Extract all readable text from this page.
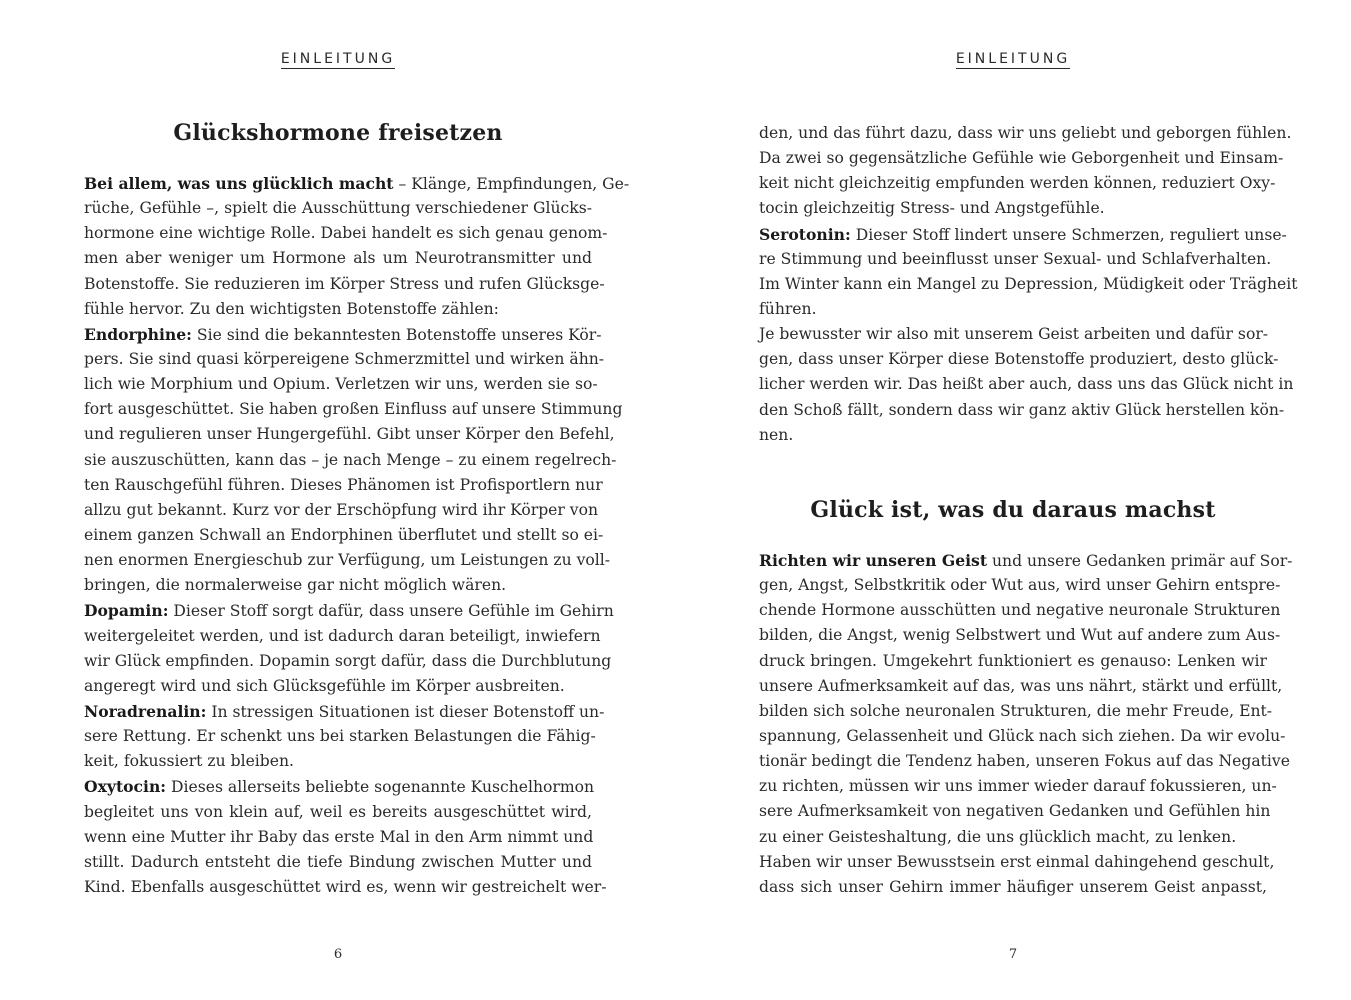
EINLEITUNG
Glückshormone freisetzen
Bei allem, was uns glücklich macht – Klänge, Empfindungen, Ge-
rüche, Gefühle –, spielt die Ausschüttung verschiedener Glücks-
hormone eine wichtige Rolle. Dabei handelt es sich genau genom-
men aber weniger um Hormone als um Neurotransmitter und
Botenstoffe. Sie reduzieren im Körper Stress und rufen Glücksge-
fühle hervor. Zu den wichtigsten Botenstoffe zählen:
Endorphine: Sie sind die bekanntesten Botenstoffe unseres Kör-
pers. Sie sind quasi körpereigene Schmerzmittel und wirken ähn-
lich wie Morphium und Opium. Verletzen wir uns, werden sie so-
fort ausgeschüttet. Sie haben großen Einfluss auf unsere Stimmung
und regulieren unser Hungergefühl. Gibt unser Körper den Befehl,
sie auszuschütten, kann das – je nach Menge – zu einem regelrech-
ten Rauschgefühl führen. Dieses Phänomen ist Profisportlern nur
allzu gut bekannt. Kurz vor der Erschöpfung wird ihr Körper von
einem ganzen Schwall an Endorphinen überflutet und stellt so ei-
nen enormen Energieschub zur Verfügung, um Leistungen zu voll-
bringen, die normalerweise gar nicht möglich wären.
Dopamin: Dieser Stoff sorgt dafür, dass unsere Gefühle im Gehirn
weitergeleitet werden, und ist dadurch daran beteiligt, inwiefern
wir Glück empfinden. Dopamin sorgt dafür, dass die Durchblutung
angeregt wird und sich Glücksgefühle im Körper ausbreiten.
Noradrenalin: In stressigen Situationen ist dieser Botenstoff un-
sere Rettung. Er schenkt uns bei starken Belastungen die Fähig-
keit, fokussiert zu bleiben.
Oxytocin: Dieses allerseits beliebte sogenannte Kuschelhormon
begleitet uns von klein auf, weil es bereits ausgeschüttet wird,
wenn eine Mutter ihr Baby das erste Mal in den Arm nimmt und
stillt. Dadurch entsteht die tiefe Bindung zwischen Mutter und
Kind. Ebenfalls ausgeschüttet wird es, wenn wir gestreichelt wer-
6
EINLEITUNG
den, und das führt dazu, dass wir uns geliebt und geborgen fühlen.
Da zwei so gegensätzliche Gefühle wie Geborgenheit und Einsam-
keit nicht gleichzeitig empfunden werden können, reduziert Oxy-
tocin gleichzeitig Stress- und Angstgefühle.
Serotonin: Dieser Stoff lindert unsere Schmerzen, reguliert unse-
re Stimmung und beeinflusst unser Sexual- und Schlafverhalten.
Im Winter kann ein Mangel zu Depression, Müdigkeit oder Trägheit
führen.
Je bewusster wir also mit unserem Geist arbeiten und dafür sor-
gen, dass unser Körper diese Botenstoffe produziert, desto glück-
licher werden wir. Das heißt aber auch, dass uns das Glück nicht in
den Schoß fällt, sondern dass wir ganz aktiv Glück herstellen kön-
nen.
Glück ist, was du daraus machst
Richten wir unseren Geist und unsere Gedanken primär auf Sor-
gen, Angst, Selbstkritik oder Wut aus, wird unser Gehirn entspre-
chende Hormone ausschütten und negative neuronale Strukturen
bilden, die Angst, wenig Selbstwert und Wut auf andere zum Aus-
druck bringen. Umgekehrt funktioniert es genauso: Lenken wir
unsere Aufmerksamkeit auf das, was uns nährt, stärkt und erfüllt,
bilden sich solche neuronalen Strukturen, die mehr Freude, Ent-
spannung, Gelassenheit und Glück nach sich ziehen. Da wir evolu-
tionär bedingt die Tendenz haben, unseren Fokus auf das Negative
zu richten, müssen wir uns immer wieder darauf fokussieren, un-
sere Aufmerksamkeit von negativen Gedanken und Gefühlen hin
zu einer Geisteshaltung, die uns glücklich macht, zu lenken.
Haben wir unser Bewusstsein erst einmal dahingehend geschult,
dass sich unser Gehirn immer häufiger unserem Geist anpasst,
7
